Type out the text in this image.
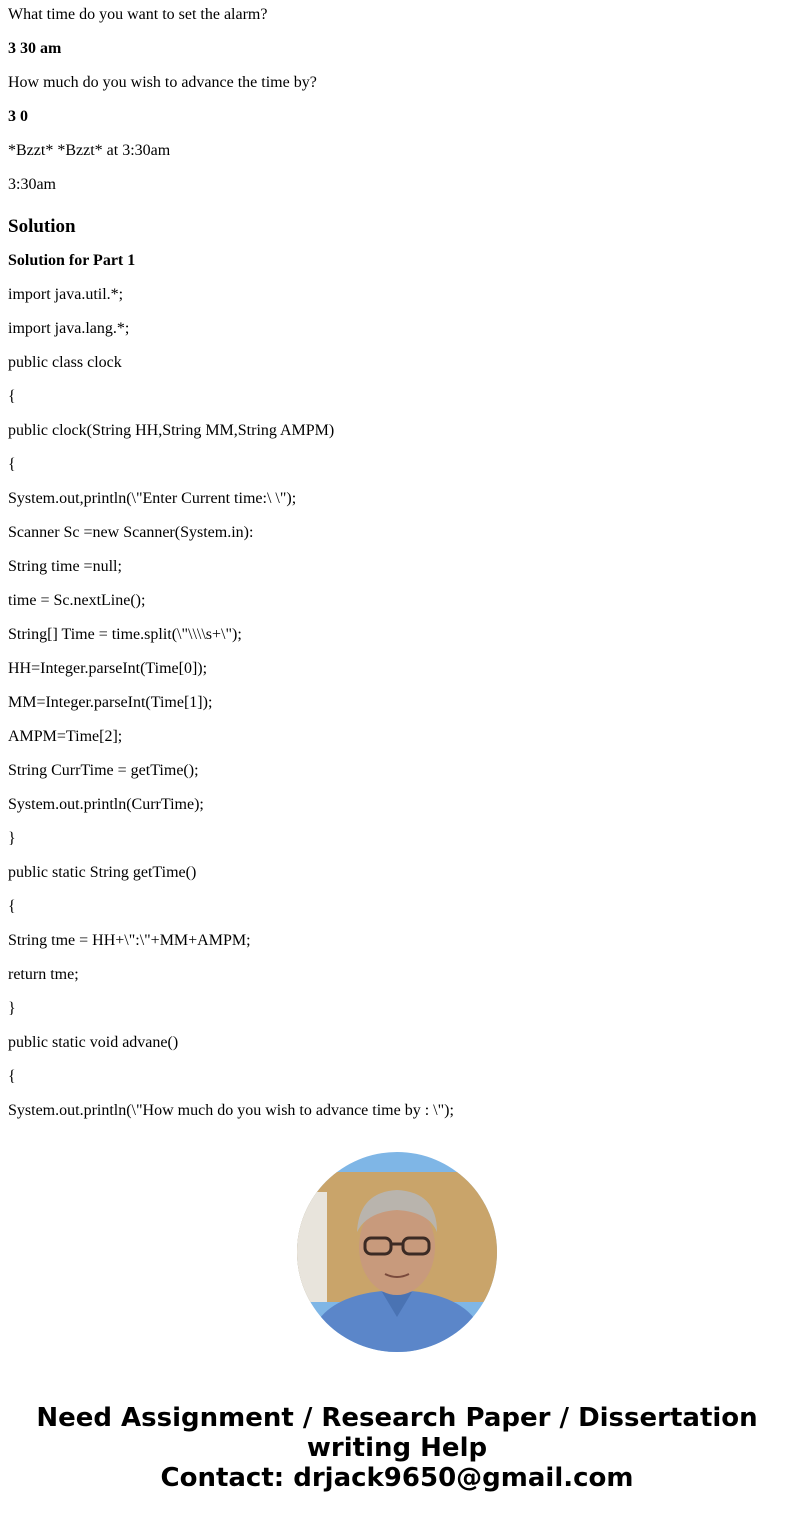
What time do you want to set the alarm?

3 30 am

How much do you wish to advance the time by?

3 0

*Bzzt* *Bzzt* at 3:30am

3:30am

Solution

Solution for Part 1

import java.util.*;

import java.lang.*;

public class clock

{

public clock(String HH,String MM,String AMPM)

{

System.out,println(\"Enter Current time:\ \");

Scanner Sc =new Scanner(System.in):

String time =null;

time = Sc.nextLine();

String[] Time = time.split(\"\\\\s+\");

HH=Integer.parseInt(Time[0]);

MM=Integer.parseInt(Time[1]);

AMPM=Time[2];

String CurrTime = getTime();

System.out.println(CurrTime);

}

public static String getTime()

{

String tme = HH+\":\"+MM+AMPM;

return tme;

}

public static void advane()

{

System.out.println(\"How much do you wish to advance time by : \");

Need Assignment / Research Paper / Dissertation
writing Help
Contact: drjack9650@gmail.com
